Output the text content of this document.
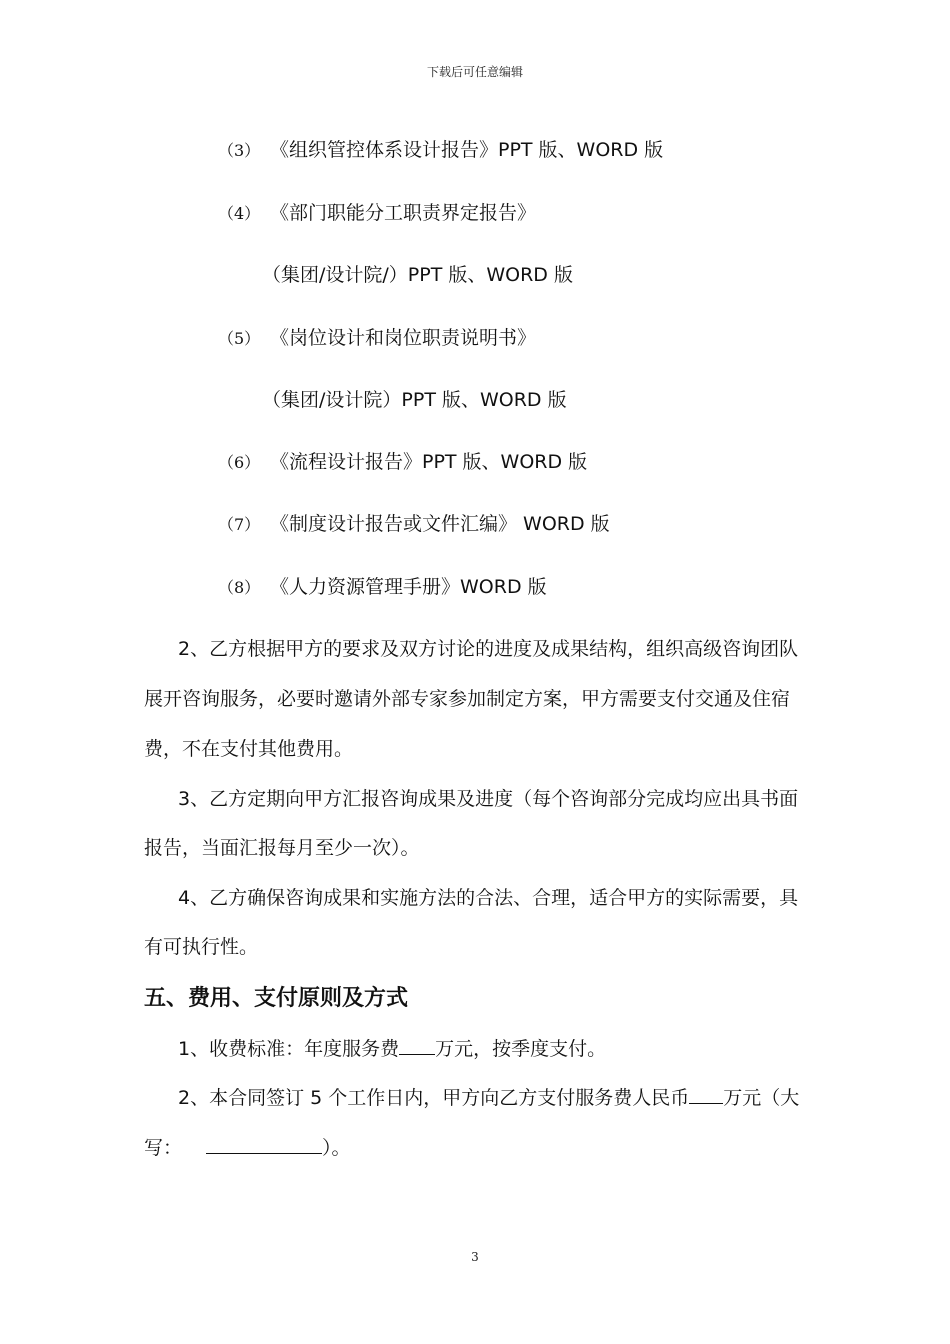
下载后可任意编辑
（3） 《组织管控体系设计报告》PPT 版、WORD 版
（4） 《部门职能分工职责界定报告》
（集团/设计院/）PPT 版、WORD 版
（5） 《岗位设计和岗位职责说明书》
（集团/设计院）PPT 版、WORD 版
（6） 《流程设计报告》PPT 版、WORD 版
（7） 《制度设计报告或文件汇编》 WORD 版
（8） 《人力资源管理手册》WORD 版
2、乙方根据甲方的要求及双方讨论的进度及成果结构，组织高级咨询团队
展开咨询服务，必要时邀请外部专家参加制定方案，甲方需要支付交通及住宿
费，不在支付其他费用。
3、乙方定期向甲方汇报咨询成果及进度（每个咨询部分完成均应出具书面
报告，当面汇报每月至少一次）。
4、乙方确保咨询成果和实施方法的合法、合理，适合甲方的实际需要，具
有可执行性。
五、费用、支付原则及方式
1、收费标准：年度服务费 万元，按季度支付。
2、本合同签订 5 个工作日内，甲方向乙方支付服务费人民币 万元（大
写：	）。
3
